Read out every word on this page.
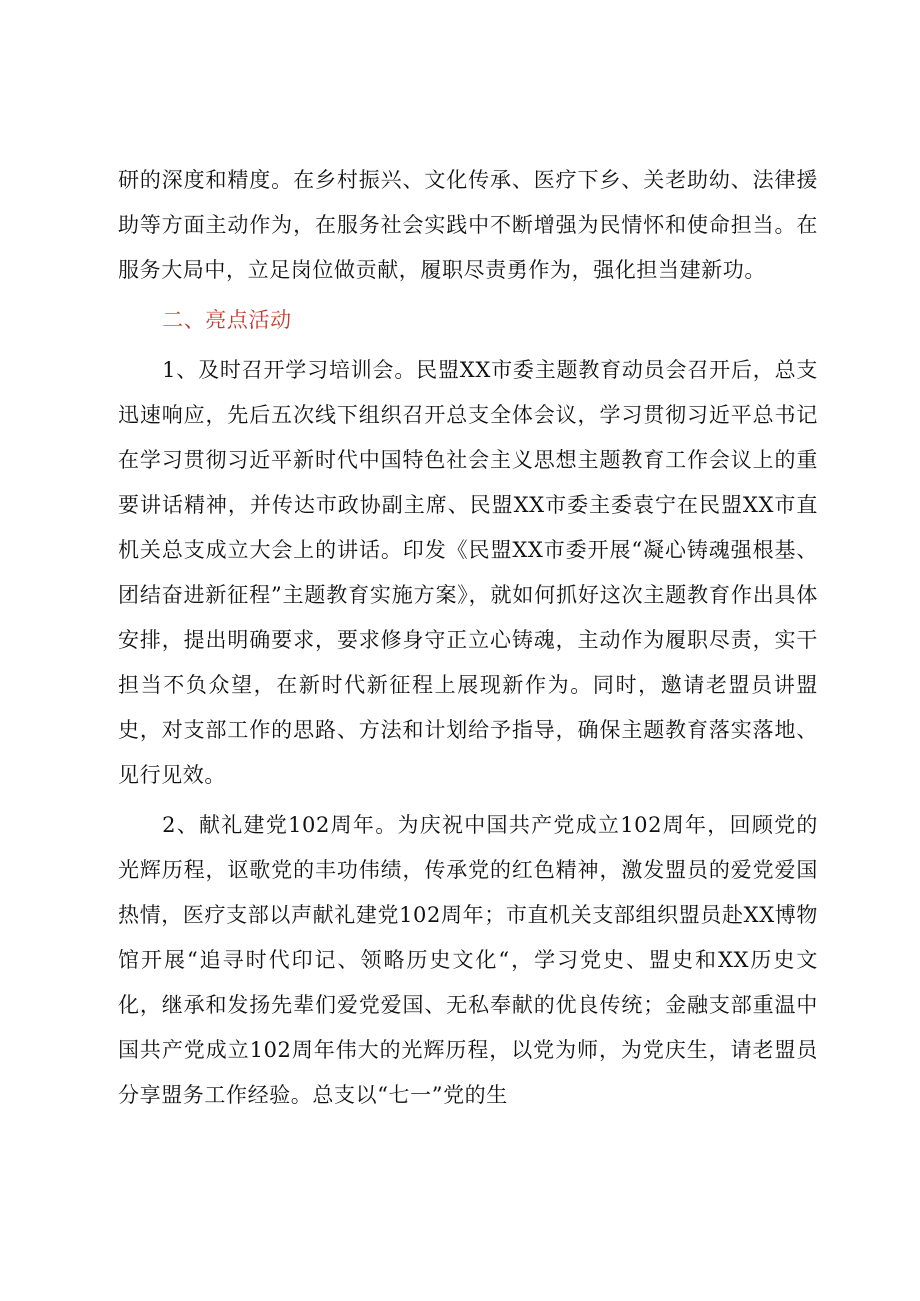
研的深度和精度。在乡村振兴、文化传承、医疗下乡、关老助幼、法律援助等方面主动作为，在服务社会实践中不断增强为民情怀和使命担当。在服务大局中，立足岗位做贡献，履职尽责勇作为，强化担当建新功。

二、亮点活动

1、及时召开学习培训会。民盟XX市委主题教育动员会召开后，总支迅速响应，先后五次线下组织召开总支全体会议，学习贯彻习近平总书记在学习贯彻习近平新时代中国特色社会主义思想主题教育工作会议上的重要讲话精神，并传达市政协副主席、民盟XX市委主委袁宁在民盟XX市直机关总支成立大会上的讲话。印发《民盟XX市委开展“凝心铸魂强根基、团结奋进新征程”主题教育实施方案》，就如何抓好这次主题教育作出具体安排，提出明确要求，要求修身守正立心铸魂，主动作为履职尽责，实干担当不负众望，在新时代新征程上展现新作为。同时，邀请老盟员讲盟史，对支部工作的思路、方法和计划给予指导，确保主题教育落实落地、见行见效。

2、献礼建党102周年。为庆祝中国共产党成立102周年，回顾党的光辉历程，讴歌党的丰功伟绩，传承党的红色精神，激发盟员的爱党爱国热情，医疗支部以声献礼建党102周年；市直机关支部组织盟员赴XX博物馆开展“追寻时代印记、领略历史文化“，学习党史、盟史和XX历史文化，继承和发扬先辈们爱党爱国、无私奉献的优良传统；金融支部重温中国共产党成立102周年伟大的光辉历程，以党为师，为党庆生，请老盟员分享盟务工作经验。总支以“七一”党的生
